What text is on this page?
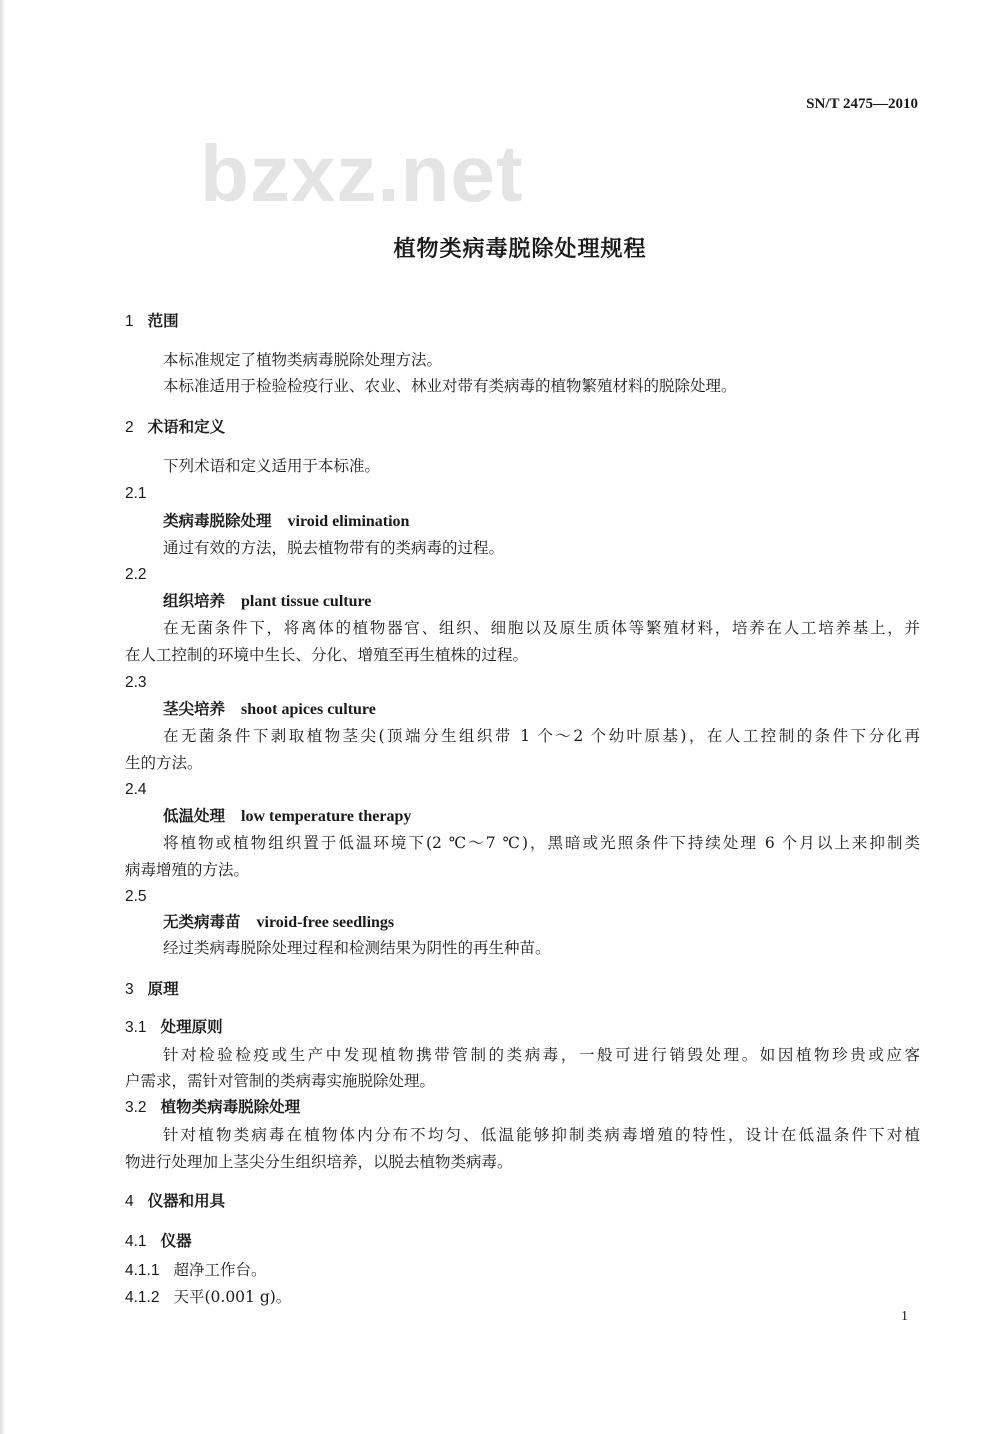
bzxz.net
SN/T 2475—2010
植物类病毒脱除处理规程
1 范围
本标准规定了植物类病毒脱除处理方法。
本标准适用于检验检疫行业、农业、林业对带有类病毒的植物繁殖材料的脱除处理。
2 术语和定义
下列术语和定义适用于本标准。
2.1
类病毒脱除处理 viroid elimination
通过有效的方法，脱去植物带有的类病毒的过程。
2.2
组织培养 plant tissue culture
在无菌条件下，将离体的植物器官、组织、细胞以及原生质体等繁殖材料，培养在人工培养基上，并
在人工控制的环境中生长、分化、增殖至再生植株的过程。
2.3
茎尖培养 shoot apices culture
在无菌条件下剥取植物茎尖(顶端分生组织带 1 个～2 个幼叶原基)，在人工控制的条件下分化再
生的方法。
2.4
低温处理 low temperature therapy
将植物或植物组织置于低温环境下(2 ℃～7 ℃)，黑暗或光照条件下持续处理 6 个月以上来抑制类
病毒增殖的方法。
2.5
无类病毒苗 viroid-free seedlings
经过类病毒脱除处理过程和检测结果为阴性的再生种苗。
3 原理
3.1 处理原则
针对检验检疫或生产中发现植物携带管制的类病毒，一般可进行销毁处理。如因植物珍贵或应客
户需求，需针对管制的类病毒实施脱除处理。
3.2 植物类病毒脱除处理
针对植物类病毒在植物体内分布不均匀、低温能够抑制类病毒增殖的特性，设计在低温条件下对植
物进行处理加上茎尖分生组织培养，以脱去植物类病毒。
4 仪器和用具
4.1 仪器
4.1.1 超净工作台。
4.1.2 天平(0.001 g)。
1
